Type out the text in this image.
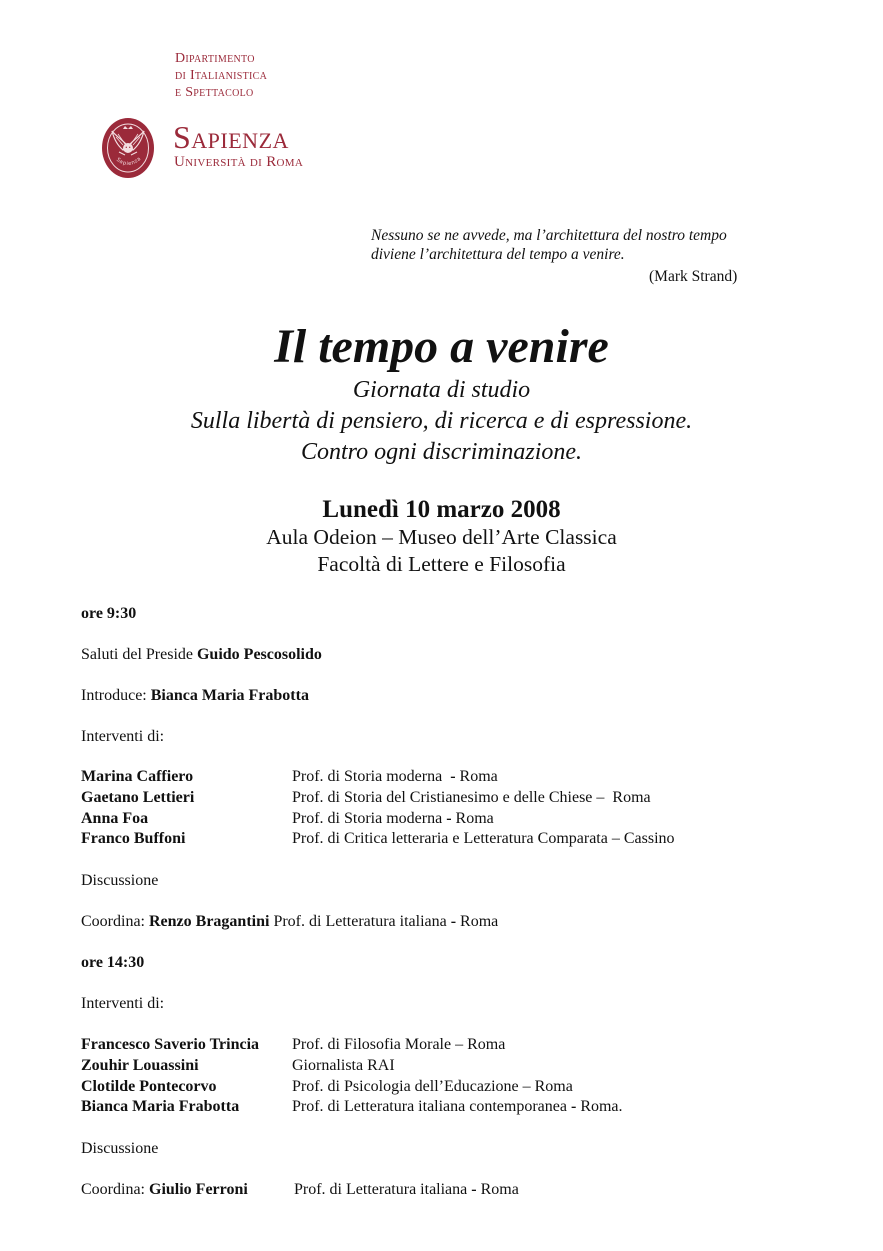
Dipartimento
di Italianistica
e Spettacolo
Sapienza
Sapienza
Università di Roma
Nessuno se ne avvede, ma l’architettura del nostro tempo
diviene l’architettura del tempo a venire.
(Mark Strand)
Il tempo a venire
Giornata di studio
Sulla libertà di pensiero, di ricerca e di espressione.
Contro ogni discriminazione.
Lunedì 10 marzo 2008
Aula Odeion – Museo dell’Arte Classica
Facoltà di Lettere e Filosofia
ore 9:30
Saluti del Preside Guido Pescosolido
Introduce: Bianca Maria Frabotta
Interventi di:
Marina Caffiero	Prof. di Storia moderna  - Roma
Gaetano Lettieri	Prof. di Storia del Cristianesimo e delle Chiese –  Roma
Anna Foa	Prof. di Storia moderna - Roma
Franco Buffoni	Prof. di Critica letteraria e Letteratura Comparata – Cassino
Discussione
Coordina: Renzo Bragantini Prof. di Letteratura italiana - Roma
ore 14:30
Interventi di:
Francesco Saverio Trincia Prof. di Filosofia Morale – Roma
Zouhir Louassini	Giornalista RAI
Clotilde Pontecorvo	Prof. di Psicologia dell’Educazione – Roma
Bianca Maria Frabotta	Prof. di Letteratura italiana contemporanea - Roma.
Discussione
Coordina: Giulio Ferroni	Prof. di Letteratura italiana - Roma
